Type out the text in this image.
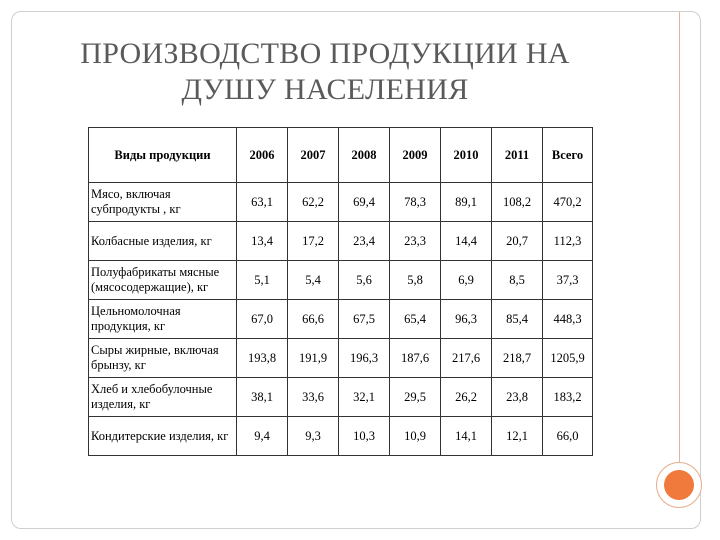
ПРОИЗВОДСТВО ПРОДУКЦИИ НА
ДУШУ НАСЕЛЕНИЯ
Виды продукции	2006	2007	2008	2009	2010	2011	Всего
Мясо, включая субпродукты , кг	63,1	62,2	69,4	78,3	89,1	108,2	470,2
Колбасные изделия, кг	13,4	17,2	23,4	23,3	14,4	20,7	112,3
Полуфабрикаты мясные (мясосодержащие), кг	5,1	5,4	5,6	5,8	6,9	8,5	37,3
Цельномолочная продукция, кг	67,0	66,6	67,5	65,4	96,3	85,4	448,3
Сыры жирные, включая брынзу, кг	193,8	191,9	196,3	187,6	217,6	218,7	1205,9
Хлеб и хлебобулочные изделия, кг	38,1	33,6	32,1	29,5	26,2	23,8	183,2
Кондитерские изделия, кг	9,4	9,3	10,3	10,9	14,1	12,1	66,0
